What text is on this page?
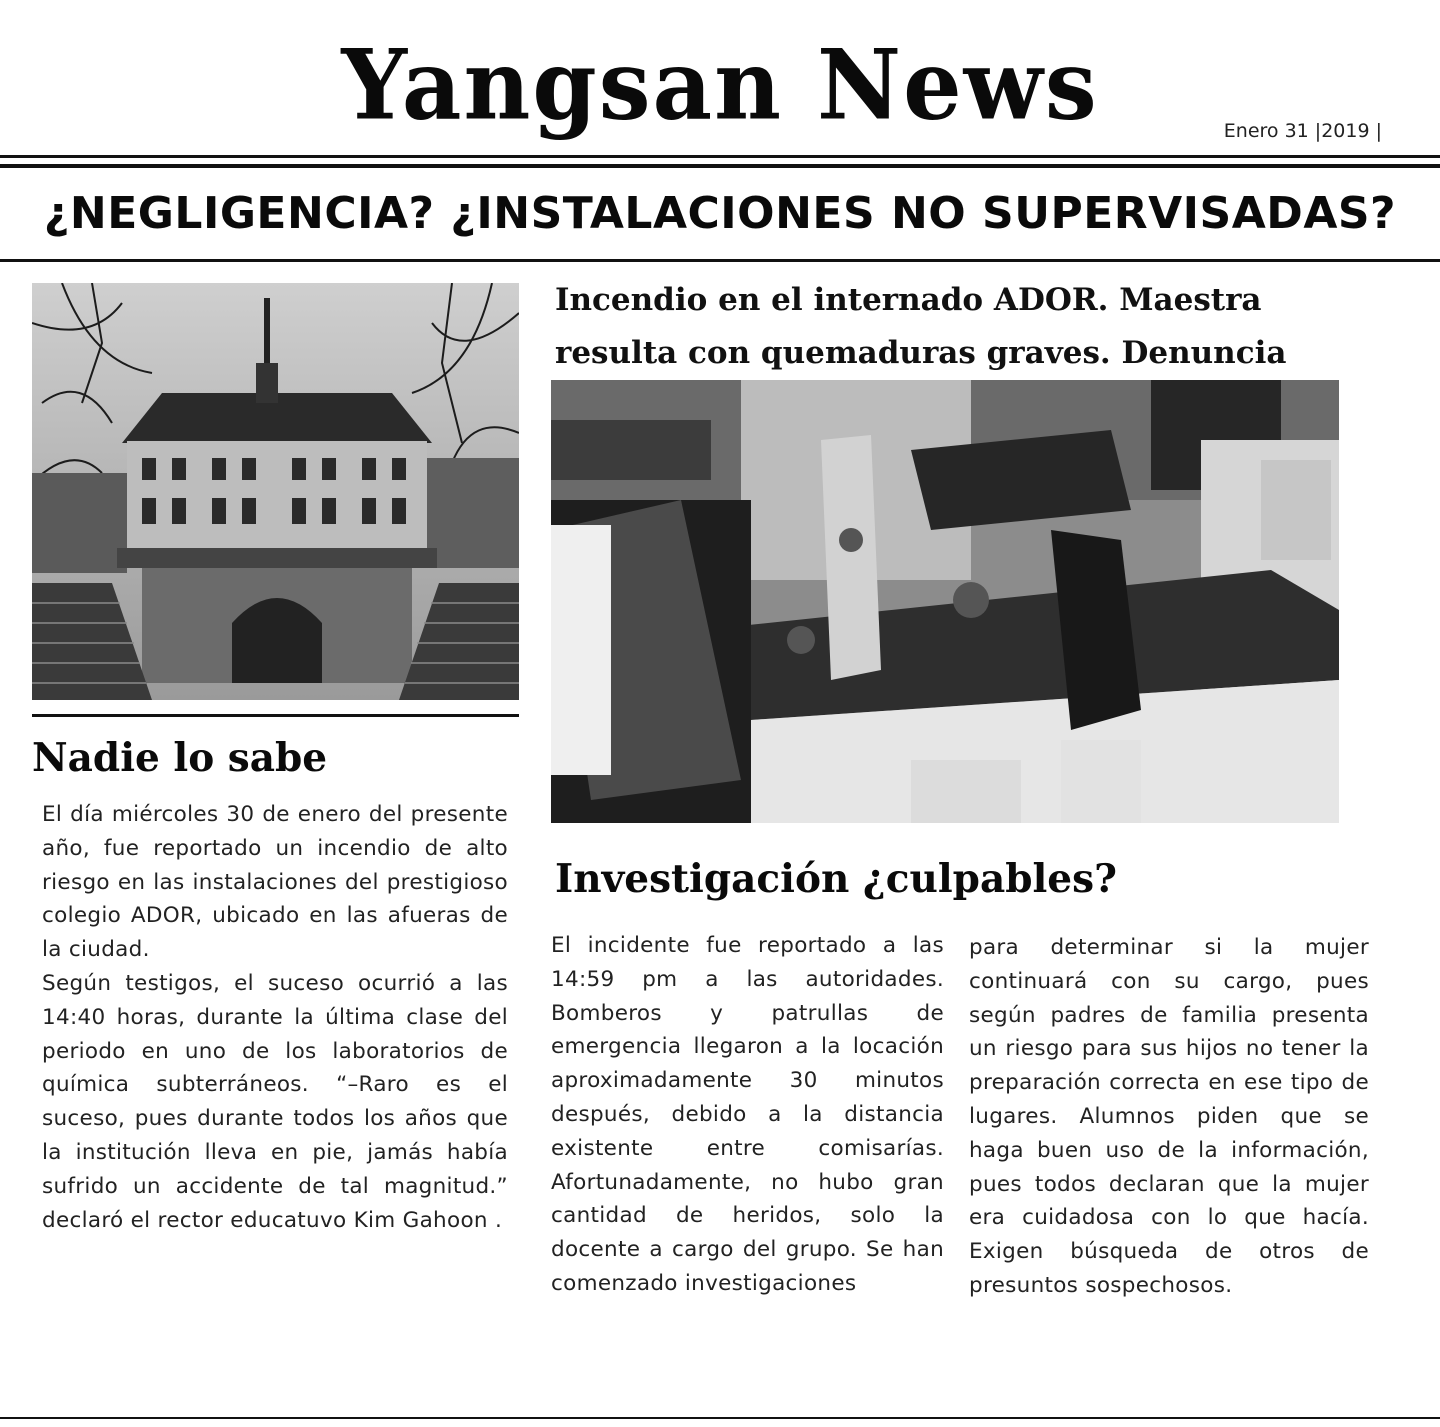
Yangsan News	Enero 31 |2019 |
¿NEGLIGENCIA? ¿INSTALACIONES NO SUPERVISADAS?
Nadie lo sabe

El día miércoles 30 de enero del presente año, fue reportado un incendio de alto riesgo en las instalaciones del prestigioso colegio ADOR, ubicado en las afueras de la ciudad.

Según testigos, el suceso ocurrió a las 14:40 horas, durante la última clase del periodo en uno de los laboratorios de química subterráneos. “–Raro es el suceso, pues durante todos los años que la institución lleva en pie, jamás había sufrido un accidente de tal magnitud.” declaró el rector educatuvo Kim Gahoon .

Incendio en el internado ADOR. Maestra resulta con quemaduras graves. Denuncia
Investigación ¿culpables?
El incidente fue reportado a las 14:59 pm a las autoridades. Bomberos y patrullas de emergencia llegaron a la locación aproximadamente 30 minutos después, debido a la distancia existente entre comisarías. Afortunadamente, no hubo gran cantidad de heridos, solo la docente a cargo del grupo. Se han comenzado investigaciones
para determinar si la mujer continuará con su cargo, pues según padres de familia presenta un riesgo para sus hijos no tener la preparación correcta en ese tipo de lugares. Alumnos piden que se haga buen uso de la información, pues todos declaran que la mujer era cuidadosa con lo que hacía. Exigen búsqueda de otros de presuntos sospechosos.
